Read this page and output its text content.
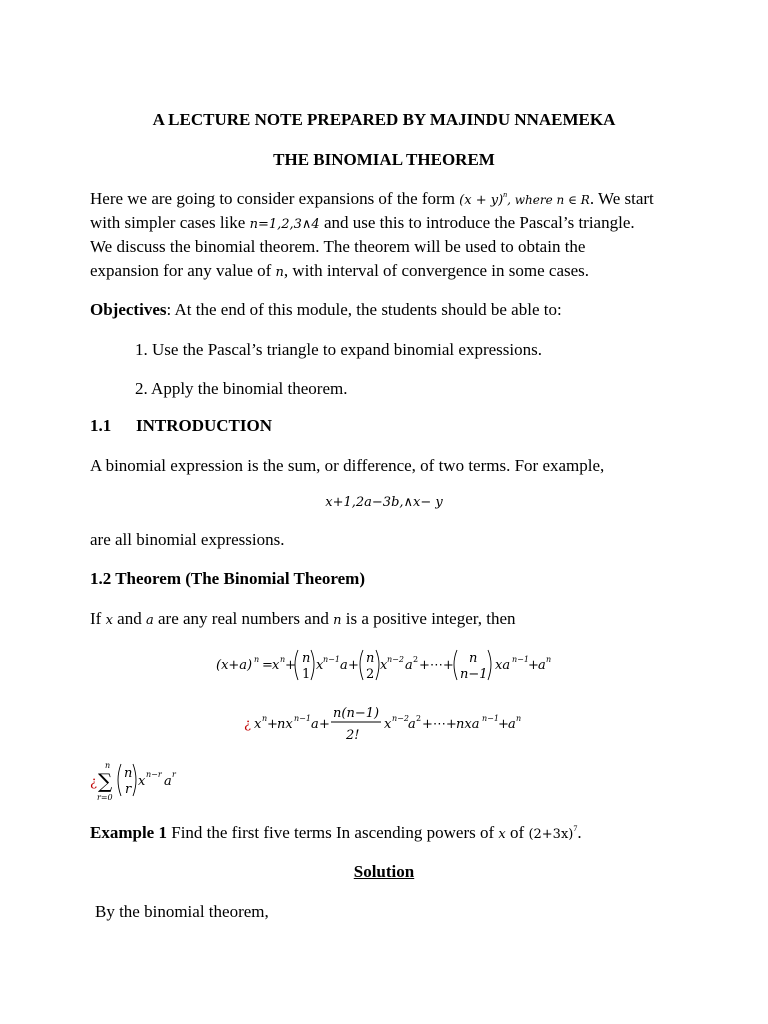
A LECTURE NOTE PREPARED BY MAJINDU NNAEMEKA
THE BINOMIAL THEOREM
Here we are going to consider expansions of the form $(x + y)^n$, where n ∈ R. We start
with simpler cases like n=1,2,3∧4 and use this to introduce the Pascal’s triangle.
We discuss the binomial theorem. The theorem will be used to obtain the
expansion for any value of n, with interval of convergence in some cases.
Objectives: At the end of this module, the students should be able to:
1. Use the Pascal’s triangle to expand binomial expressions.
2. Apply the binomial theorem.
1.1 INTRODUCTION
A binomial expression is the sum, or difference, of two terms. For example,
x+1,2a−3b,∧x− y
are all binomial expressions.
1.2 Theorem (The Binomial Theorem)
If x and a are any real numbers and n is a positive integer, then
(x+a) n = x n + n
1
x n−1 a + n
2
x n−2 a 2 +⋯+ n
n−1
xa n−1 + a n
¿ x n + nx n−1 a +
n(n−1)
2!
x n−2 a 2 +⋯+ nxa n−1 + a n
¿
n
∑
r=0
n
r
x n−r a r
Example 1 Find the first five terms In ascending powers of x of $(2+3x)^7$.
Solution
By the binomial theorem,
